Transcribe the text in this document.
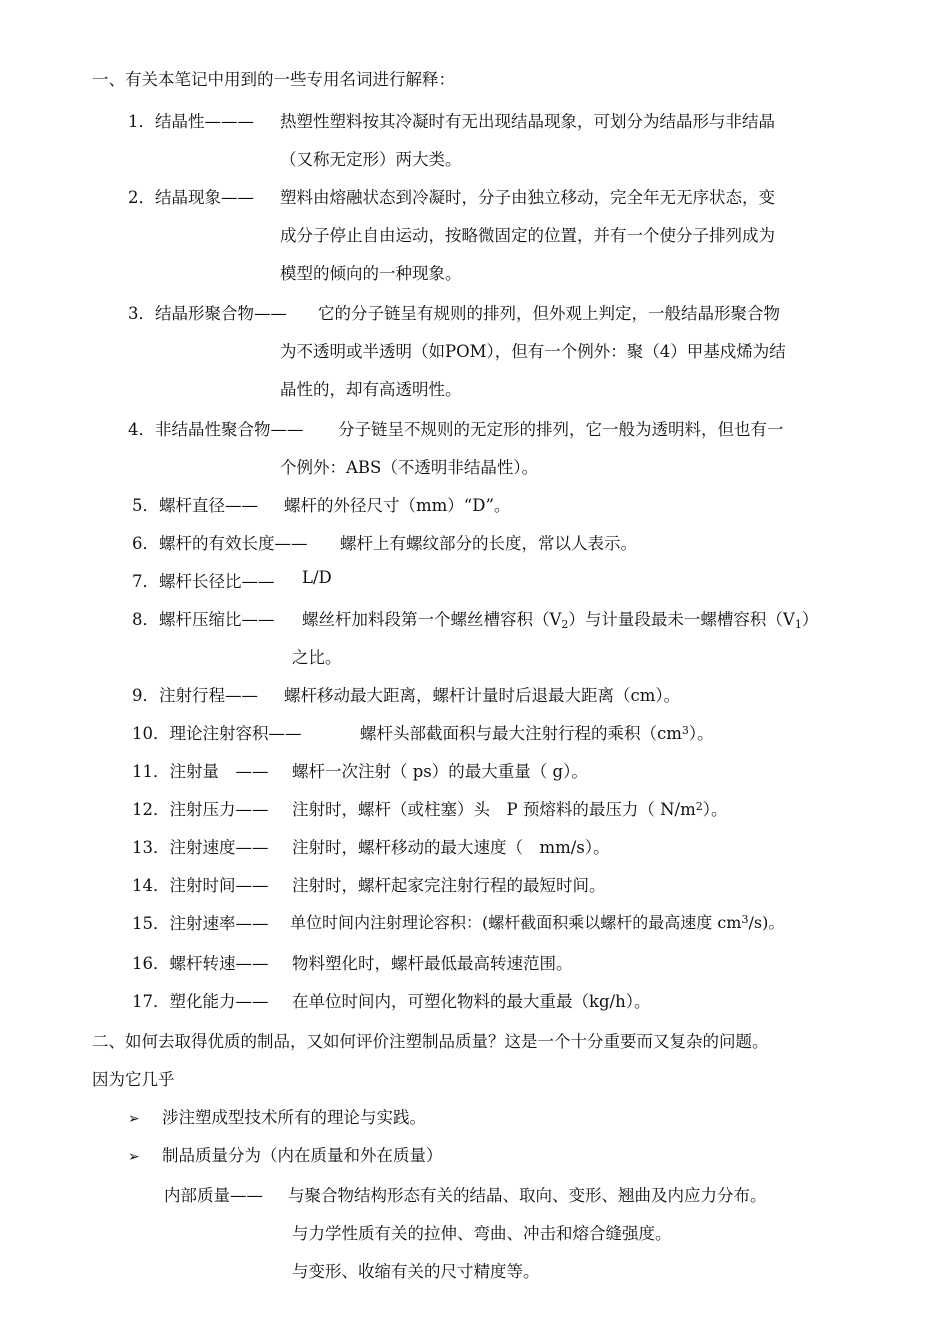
一、有关本笔记中用到的一些专用名词进行解释：
1．结晶性——— 热塑性塑料按其冷凝时有无出现结晶现象，可划分为结晶形与非结晶
（又称无定形）两大类。
2．结晶现象—— 塑料由熔融状态到冷凝时，分子由独立移动，完全年无无序状态，变
成分子停止自由运动，按略微固定的位置，并有一个使分子排列成为
模型的倾向的一种现象。
3．结晶形聚合物—— 它的分子链呈有规则的排列，但外观上判定，一般结晶形聚合物
为不透明或半透明（如POM），但有一个例外：聚（4）甲基戍烯为结
晶性的，却有高透明性。
4．非结晶性聚合物—— 分子链呈不规则的无定形的排列，它一般为透明料，但也有一
个例外：ABS（不透明非结晶性）。
5．螺杆直径—— 螺杆的外径尺寸（mm）“D”。
6．螺杆的有效长度—— 螺杆上有螺纹部分的长度，常以人表示。
7．螺杆长径比—— L/D
8．螺杆压缩比—— 螺丝杆加料段第一个螺丝槽容积$(V_2)$与计量段最未一螺槽容积$(V_1)$
之比。
9．注射行程—— 螺杆移动最大距离，螺杆计量时后退最大距离（cm）。
10．理论注射容积——	螺杆头部截面积与最大注射行程的乘积$(cm^3)$。
11．注射量　—— 螺杆一次注射（ ps）的最大重量（ g）。
12．注射压力—— 注射时，螺杆（或柱塞）头　P 预熔料的最压力（ $N/m^2$）。
13．注射速度—— 注射时，螺杆移动的最大速度（　mm/s）。
14．注射时间—— 注射时，螺杆起家完注射行程的最短时间。
15．注射速率—— 单位时间内注射理论容积：(螺杆截面积乘以螺杆的最高速度 $cm^3/s$)。
16．螺杆转速—— 物料塑化时，螺杆最低最高转速范围。
17．塑化能力—— 在单位时间内，可塑化物料的最大重最（kg/h）。
二、如何去取得优质的制品，又如何评价注塑制品质量？这是一个十分重要而又复杂的问题。
因为它几乎
➢ 涉注塑成型技术所有的理论与实践。
➢ 制品质量分为（内在质量和外在质量）
内部质量—— 与聚合物结构形态有关的结晶、取向、变形、翘曲及内应力分布。
与力学性质有关的拉伸、弯曲、冲击和熔合缝强度。
与变形、收缩有关的尺寸精度等。
